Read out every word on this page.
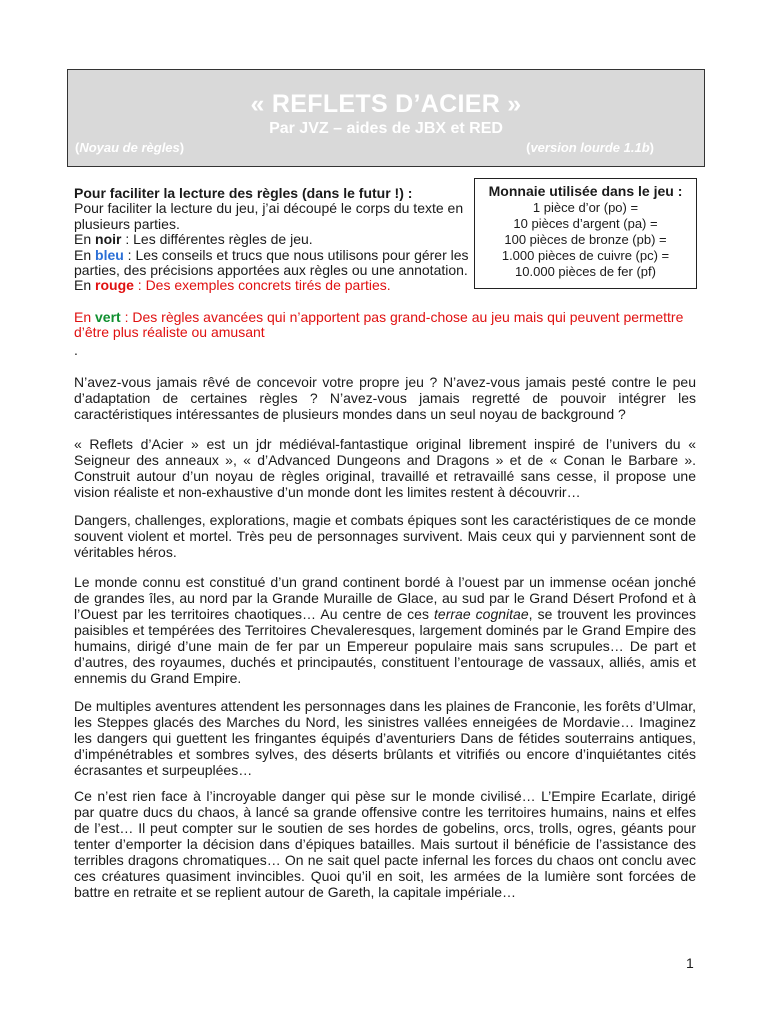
« REFLETS D’ACIER »
Par JVZ – aides de JBX et RED
(Noyau de règles)	(version lourde 1.1b)

Pour faciliter la lecture des règles (dans le futur !) :

Pour faciliter la lecture du jeu, j’ai découpé le corps du texte en plusieurs parties.

En noir : Les différentes règles de jeu.

En bleu : Les conseils et trucs que nous utilisons pour gérer les parties, des précisions apportées aux règles ou une annotation.

En rouge : Des exemples concrets tirés de parties.

En vert : Des règles avancées qui n’apportent pas grand-chose au jeu mais qui peuvent permettre d’être plus réaliste ou amusant
.
Monnaie utilisée dans le jeu :
1 pièce d’or (po) =
10 pièces d’argent (pa) =
100 pièces de bronze (pb) =
1.000 pièces de cuivre (pc) =
10.000 pièces de fer (pf)

N’avez-vous jamais rêvé de concevoir votre propre jeu ? N’avez-vous jamais pesté contre le peu d’adaptation de certaines règles ? N’avez-vous jamais regretté de pouvoir intégrer les caractéristiques intéressantes de plusieurs mondes dans un seul noyau de background ?

« Reflets d’Acier » est un jdr médiéval-fantastique original librement inspiré de l’univers du « Seigneur des anneaux », « d’Advanced Dungeons and Dragons » et de « Conan le Barbare ». Construit autour d’un noyau de règles original, travaillé et retravaillé sans cesse, il propose une vision réaliste et non-exhaustive d’un monde dont les limites restent à découvrir…

Dangers, challenges, explorations, magie et combats épiques sont les caractéristiques de ce monde souvent violent et mortel. Très peu de personnages survivent. Mais ceux qui y parviennent sont de véritables héros.

Le monde connu est constitué d’un grand continent bordé à l’ouest par un immense océan jonché de grandes îles, au nord par la Grande Muraille de Glace, au sud par le Grand Désert Profond et à l’Ouest par les territoires chaotiques… Au centre de ces terrae cognitae, se trouvent les provinces paisibles et tempérées des Territoires Chevaleresques, largement dominés par le Grand Empire des humains, dirigé d’une main de fer par un Empereur populaire mais sans scrupules… De part et d’autres, des royaumes, duchés et principautés, constituent l’entourage de vassaux, alliés, amis et ennemis du Grand Empire.

De multiples aventures attendent les personnages dans les plaines de Franconie, les forêts d’Ulmar, les Steppes glacés des Marches du Nord, les sinistres vallées enneigées de Mordavie… Imaginez les dangers qui guettent les fringantes équipés d’aventuriers Dans de fétides souterrains antiques, d’impénétrables et sombres sylves, des déserts brûlants et vitrifiés ou encore d’inquiétantes cités écrasantes et surpeuplées…

Ce n’est rien face à l’incroyable danger qui pèse sur le monde civilisé… L’Empire Ecarlate, dirigé par quatre ducs du chaos, à lancé sa grande offensive contre les territoires humains, nains et elfes de l’est… Il peut compter sur le soutien de ses hordes de gobelins, orcs, trolls, ogres, géants pour tenter d’emporter la décision dans d’épiques batailles. Mais surtout il bénéficie de l’assistance des terribles dragons chromatiques… On ne sait quel pacte infernal les forces du chaos ont conclu avec ces créatures quasiment invincibles. Quoi qu’il en soit, les armées de la lumière sont forcées de battre en retraite et se replient autour de Gareth, la capitale impériale…

1
